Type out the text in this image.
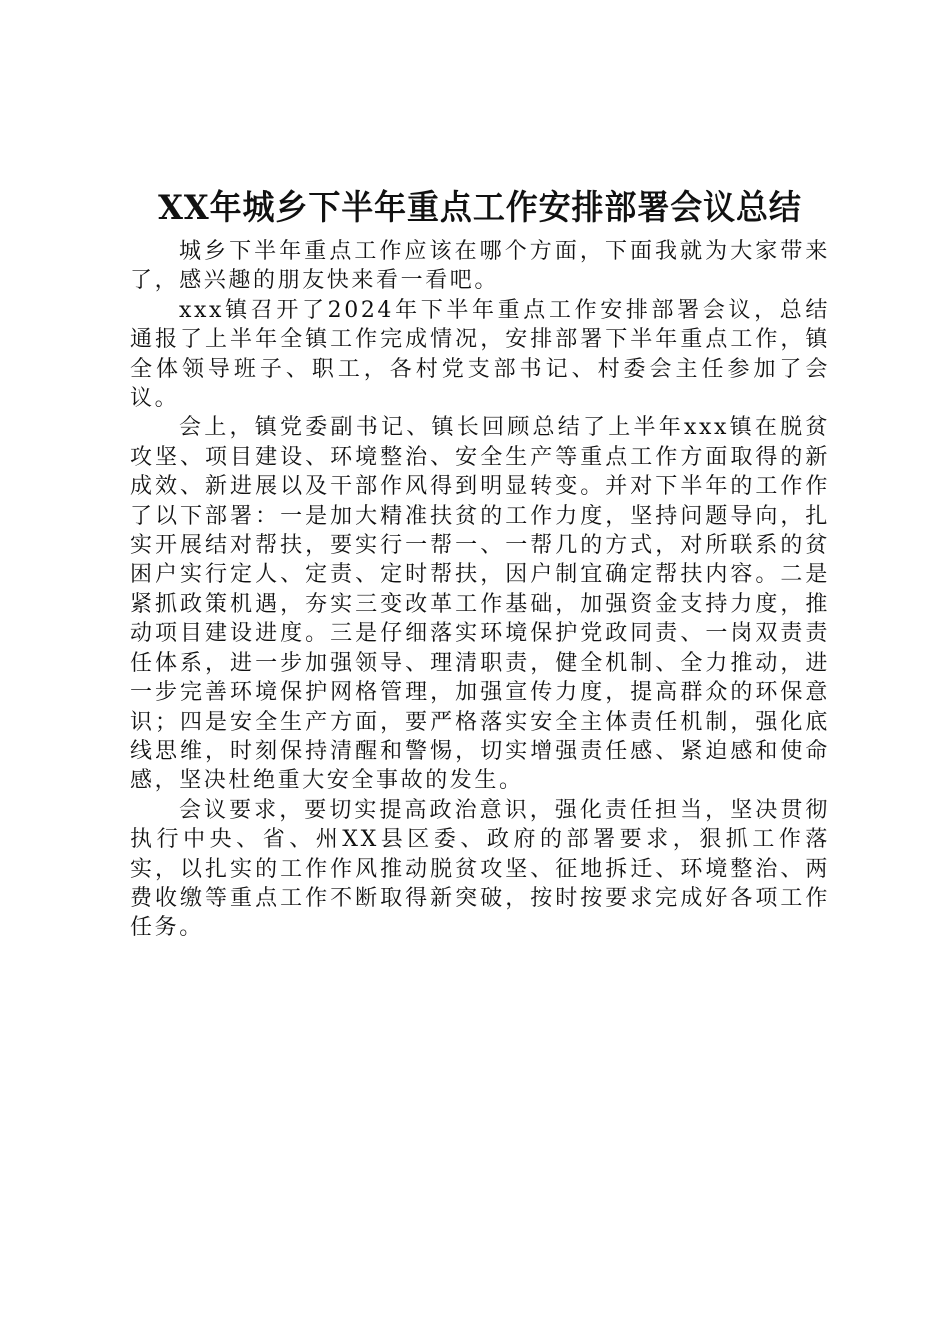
XX年城乡下半年重点工作安排部署会议总结

城乡下半年重点工作应该在哪个方面，下面我就为大家带来了，感兴趣的朋友快来看一看吧。

xxx镇召开了2024年下半年重点工作安排部署会议，总结通报了上半年全镇工作完成情况，安排部署下半年重点工作，镇全体领导班子、职工，各村党支部书记、村委会主任参加了会议。

会上，镇党委副书记、镇长回顾总结了上半年xxx镇在脱贫攻坚、项目建设、环境整治、安全生产等重点工作方面取得的新成效、新进展以及干部作风得到明显转变。并对下半年的工作作了以下部署：一是加大精准扶贫的工作力度，坚持问题导向，扎实开展结对帮扶，要实行一帮一、一帮几的方式，对所联系的贫困户实行定人、定责、定时帮扶，因户制宜确定帮扶内容。二是紧抓政策机遇，夯实三变改革工作基础，加强资金支持力度，推动项目建设进度。三是仔细落实环境保护党政同责、一岗双责责任体系，进一步加强领导、理清职责，健全机制、全力推动，进一步完善环境保护网格管理，加强宣传力度，提高群众的环保意识；四是安全生产方面，要严格落实安全主体责任机制，强化底线思维，时刻保持清醒和警惕，切实增强责任感、紧迫感和使命感，坚决杜绝重大安全事故的发生。

会议要求，要切实提高政治意识，强化责任担当，坚决贯彻执行中央、省、州XX县区委、政府的部署要求，狠抓工作落实，以扎实的工作作风推动脱贫攻坚、征地拆迁、环境整治、两费收缴等重点工作不断取得新突破，按时按要求完成好各项工作任务。
